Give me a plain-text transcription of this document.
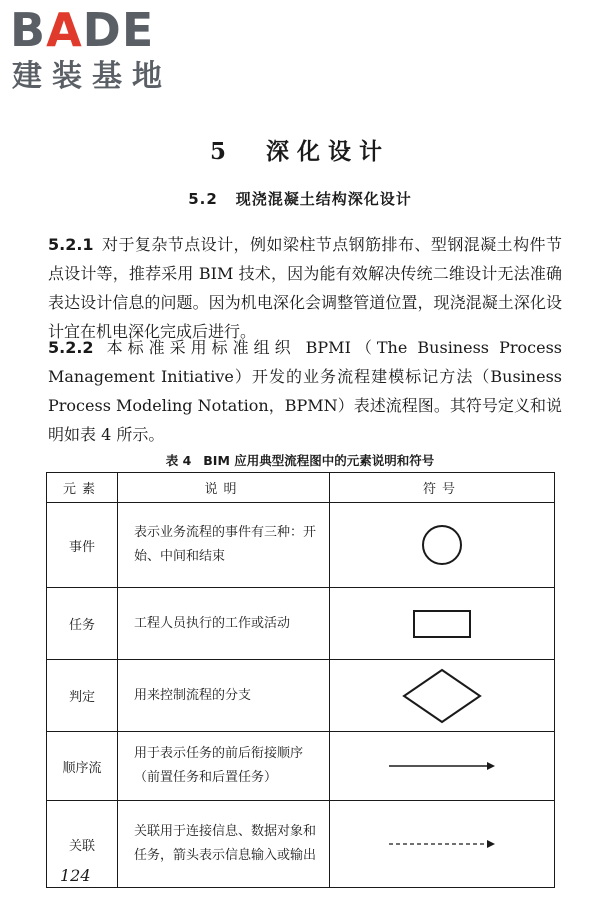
BADE
建装基地
5 深化设计
5.2 现浇混凝土结构深化设计
5.2.1 对于复杂节点设计，例如梁柱节点钢筋排布、型钢混凝土构件节点设计等，推荐采用 BIM 技术，因为能有效解决传统二维设计无法准确表达设计信息的问题。因为机电深化会调整管道位置，现浇混凝土深化设计宜在机电深化完成后进行。
5.2.2 本标准采用标准组织 BPMI（The Business Process Management Initiative）开发的业务流程建模标记方法（Business Process Modeling Notation，BPMN）表述流程图。其符号定义和说明如表 4 所示。
表 4 BIM 应用典型流程图中的元素说明和符号
元素	说明	符号
事件	表示业务流程的事件有三种：开始、中间和结束	

任务	工程人员执行的工作或活动	

判定	用来控制流程的分支	

顺序流	用于表示任务的前后衔接顺序（前置任务和后置任务）	

关联	关联用于连接信息、数据对象和任务，箭头表示信息输入或输出	
124
